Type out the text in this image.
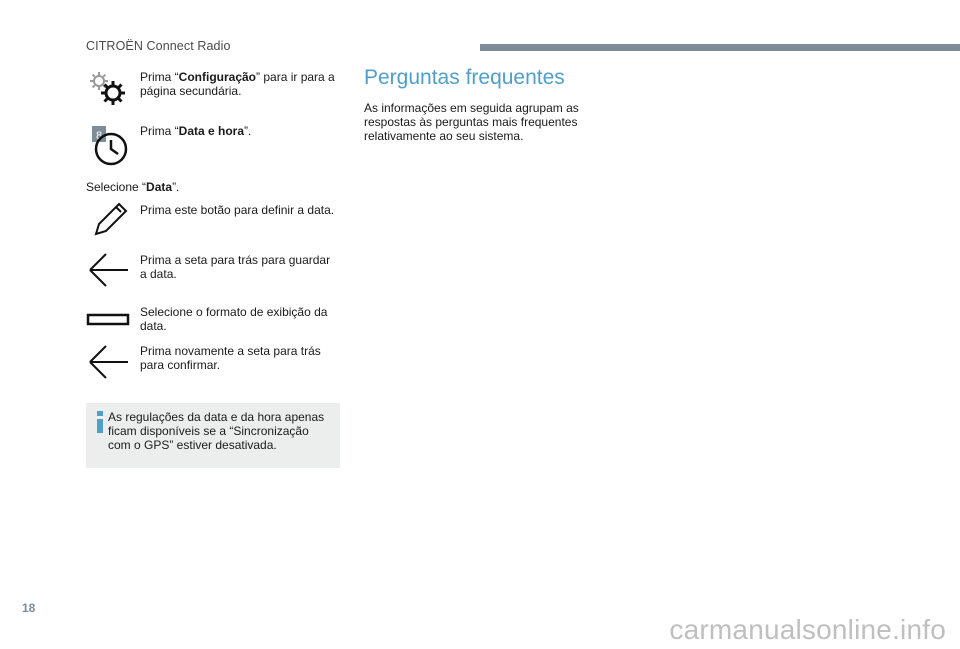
CITROËN Connect Radio
Prima “Configuração” para ir para a página secundária.
8	Prima “Data e hora”.
Selecione “Data”.
Prima este botão para definir a data.
Prima a seta para trás para guardar a data.
Selecione o formato de exibição da data.
Prima novamente a seta para trás para confirmar.
As regulações da data e da hora apenas ficam disponíveis se a “Sincronização com o GPS” estiver desativada.
Perguntas frequentes
As informações em seguida agrupam as respostas às perguntas mais frequentes relativamente ao seu sistema.
18
carmanualsonline.info
